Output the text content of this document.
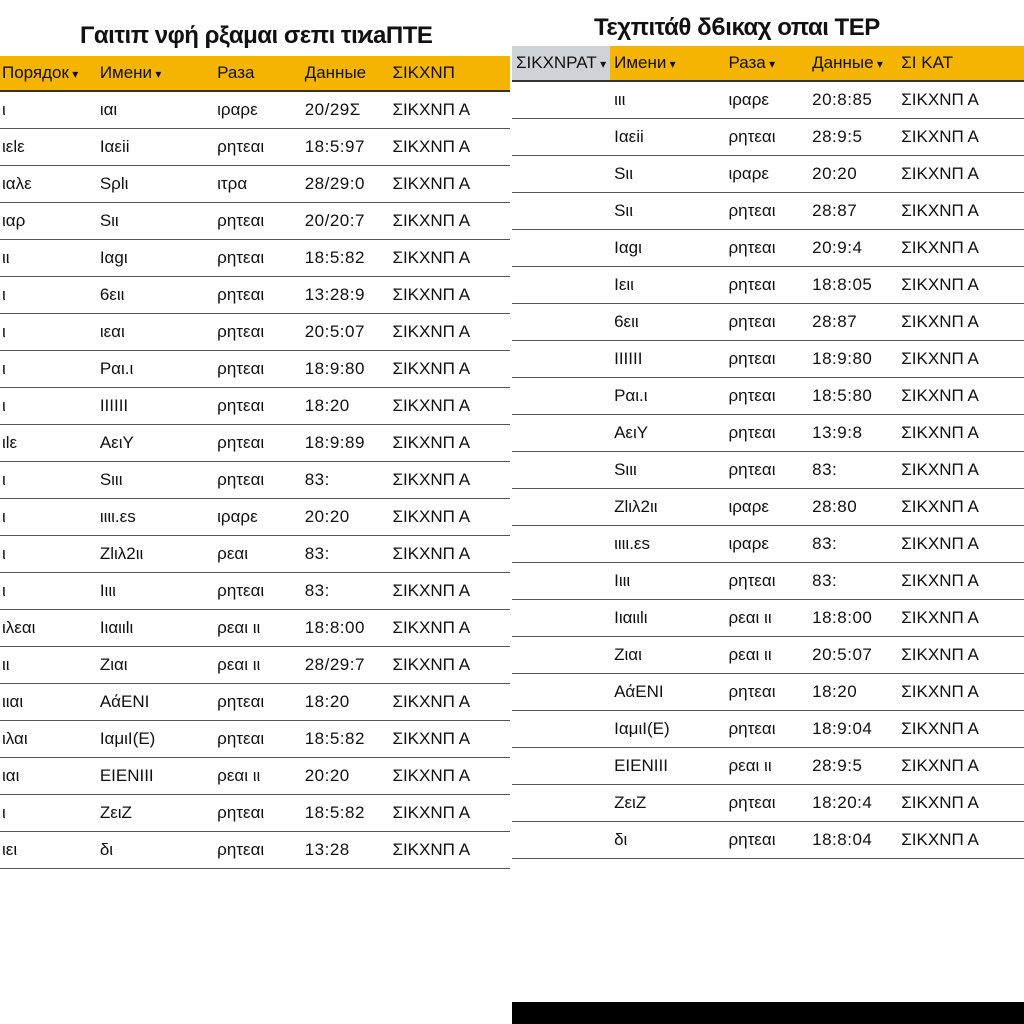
Γαιτιπ νφή ρξαμαι σεπι τιϰaΠΤΕ
Порядок ▾	Имени ▾	Раза	Данные	ΣΙΚΧΝΠ
ι	ιαι	ιραρε	20/29Σ	ΣΙΚΧΝΠ Α
ιεlε	Ιαεii	ρητεαι	18:5:97	ΣΙΚΧΝΠ Α
ιαλε	Ѕρlι	ιτρα	28/29:0	ΣΙΚΧΝΠ Α
ιαρ	Ѕιι	ρητεαι	20/20:7	ΣΙΚΧΝΠ Α
ιι	Ιαgι	ρητεαι	18:5:82	ΣΙΚΧΝΠ Α
ι	6ειι	ρητεαι	13:28:9	ΣΙΚΧΝΠ Α
ι	ιεαι	ρητεαι	20:5:07	ΣΙΚΧΝΠ Α
ι	Ραι.ι	ρητεαι	18:9:80	ΣΙΚΧΝΠ Α
ι	ΙΙΙΙΙΙ	ρητεαι	18:20	ΣΙΚΧΝΠ Α
ιlε	ΑειΥ	ρητεαι	18:9:89	ΣΙΚΧΝΠ Α
ι	Ѕιιι	ρητεαι	83:	ΣΙΚΧΝΠ Α
ι	ιιιι.εs	ιραρε	20:20	ΣΙΚΧΝΠ Α
ι	Ζlιλ2ιι	ρεαι	83:	ΣΙΚΧΝΠ Α
ι	Ιιιι	ρητεαι	83:	ΣΙΚΧΝΠ Α
ιλεαι	Ιιαιιlι	ρεαι ιι	18:8:00	ΣΙΚΧΝΠ Α
ιι	Ζιαι	ρεαι ιι	28/29:7	ΣΙΚΧΝΠ Α
ιιαι	ΑάΕΝΙ	ρητεαι	18:20	ΣΙΚΧΝΠ Α
ιλαι	ΙαμιΙ(Ε)	ρητεαι	18:5:82	ΣΙΚΧΝΠ Α
ιαι	ΕΙΕΝΙΙΙ	ρεαι ιι	20:20	ΣΙΚΧΝΠ Α
ι	ΖειΖ	ρητεαι	18:5:82	ΣΙΚΧΝΠ Α
ιει	δι	ρητεαι	13:28	ΣΙΚΧΝΠ Α
Τεχπιτάθ δϐικαχ οπαι ΤΕΡ
ΣΙΚΧΝΡΑΤ ▾	Имени ▾	Раза ▾	Данные ▾	ΣΙ ΚΑΤ
	ιιι	ιραρε	20:8:85	ΣΙΚΧΝΠ Α
	Ιαεii	ρητεαι	28:9:5	ΣΙΚΧΝΠ Α
	Ѕιι	ιραρε	20:20	ΣΙΚΧΝΠ Α
	Ѕιι	ρητεαι	28:87	ΣΙΚΧΝΠ Α
	Ιαgι	ρητεαι	20:9:4	ΣΙΚΧΝΠ Α
	Ιειι	ρητεαι	18:8:05	ΣΙΚΧΝΠ Α
	6ειι	ρητεαι	28:87	ΣΙΚΧΝΠ Α
	ΙΙΙΙΙΙ	ρητεαι	18:9:80	ΣΙΚΧΝΠ Α
	Ραι.ι	ρητεαι	18:5:80	ΣΙΚΧΝΠ Α
	ΑειΥ	ρητεαι	13:9:8	ΣΙΚΧΝΠ Α
	Ѕιιι	ρητεαι	83:	ΣΙΚΧΝΠ Α
	Ζlιλ2ιι	ιραρε	28:80	ΣΙΚΧΝΠ Α
	ιιιι.εs	ιραρε	83:	ΣΙΚΧΝΠ Α
	Ιιιι	ρητεαι	83:	ΣΙΚΧΝΠ Α
	Ιιαιιlι	ρεαι ιι	18:8:00	ΣΙΚΧΝΠ Α
	Ζιαι	ρεαι ιι	20:5:07	ΣΙΚΧΝΠ Α
	ΑάΕΝΙ	ρητεαι	18:20	ΣΙΚΧΝΠ Α
	ΙαμιΙ(Ε)	ρητεαι	18:9:04	ΣΙΚΧΝΠ Α
	ΕΙΕΝΙΙΙ	ρεαι ιι	28:9:5	ΣΙΚΧΝΠ Α
	ΖειΖ	ρητεαι	18:20:4	ΣΙΚΧΝΠ Α
	δι	ρητεαι	18:8:04	ΣΙΚΧΝΠ Α
